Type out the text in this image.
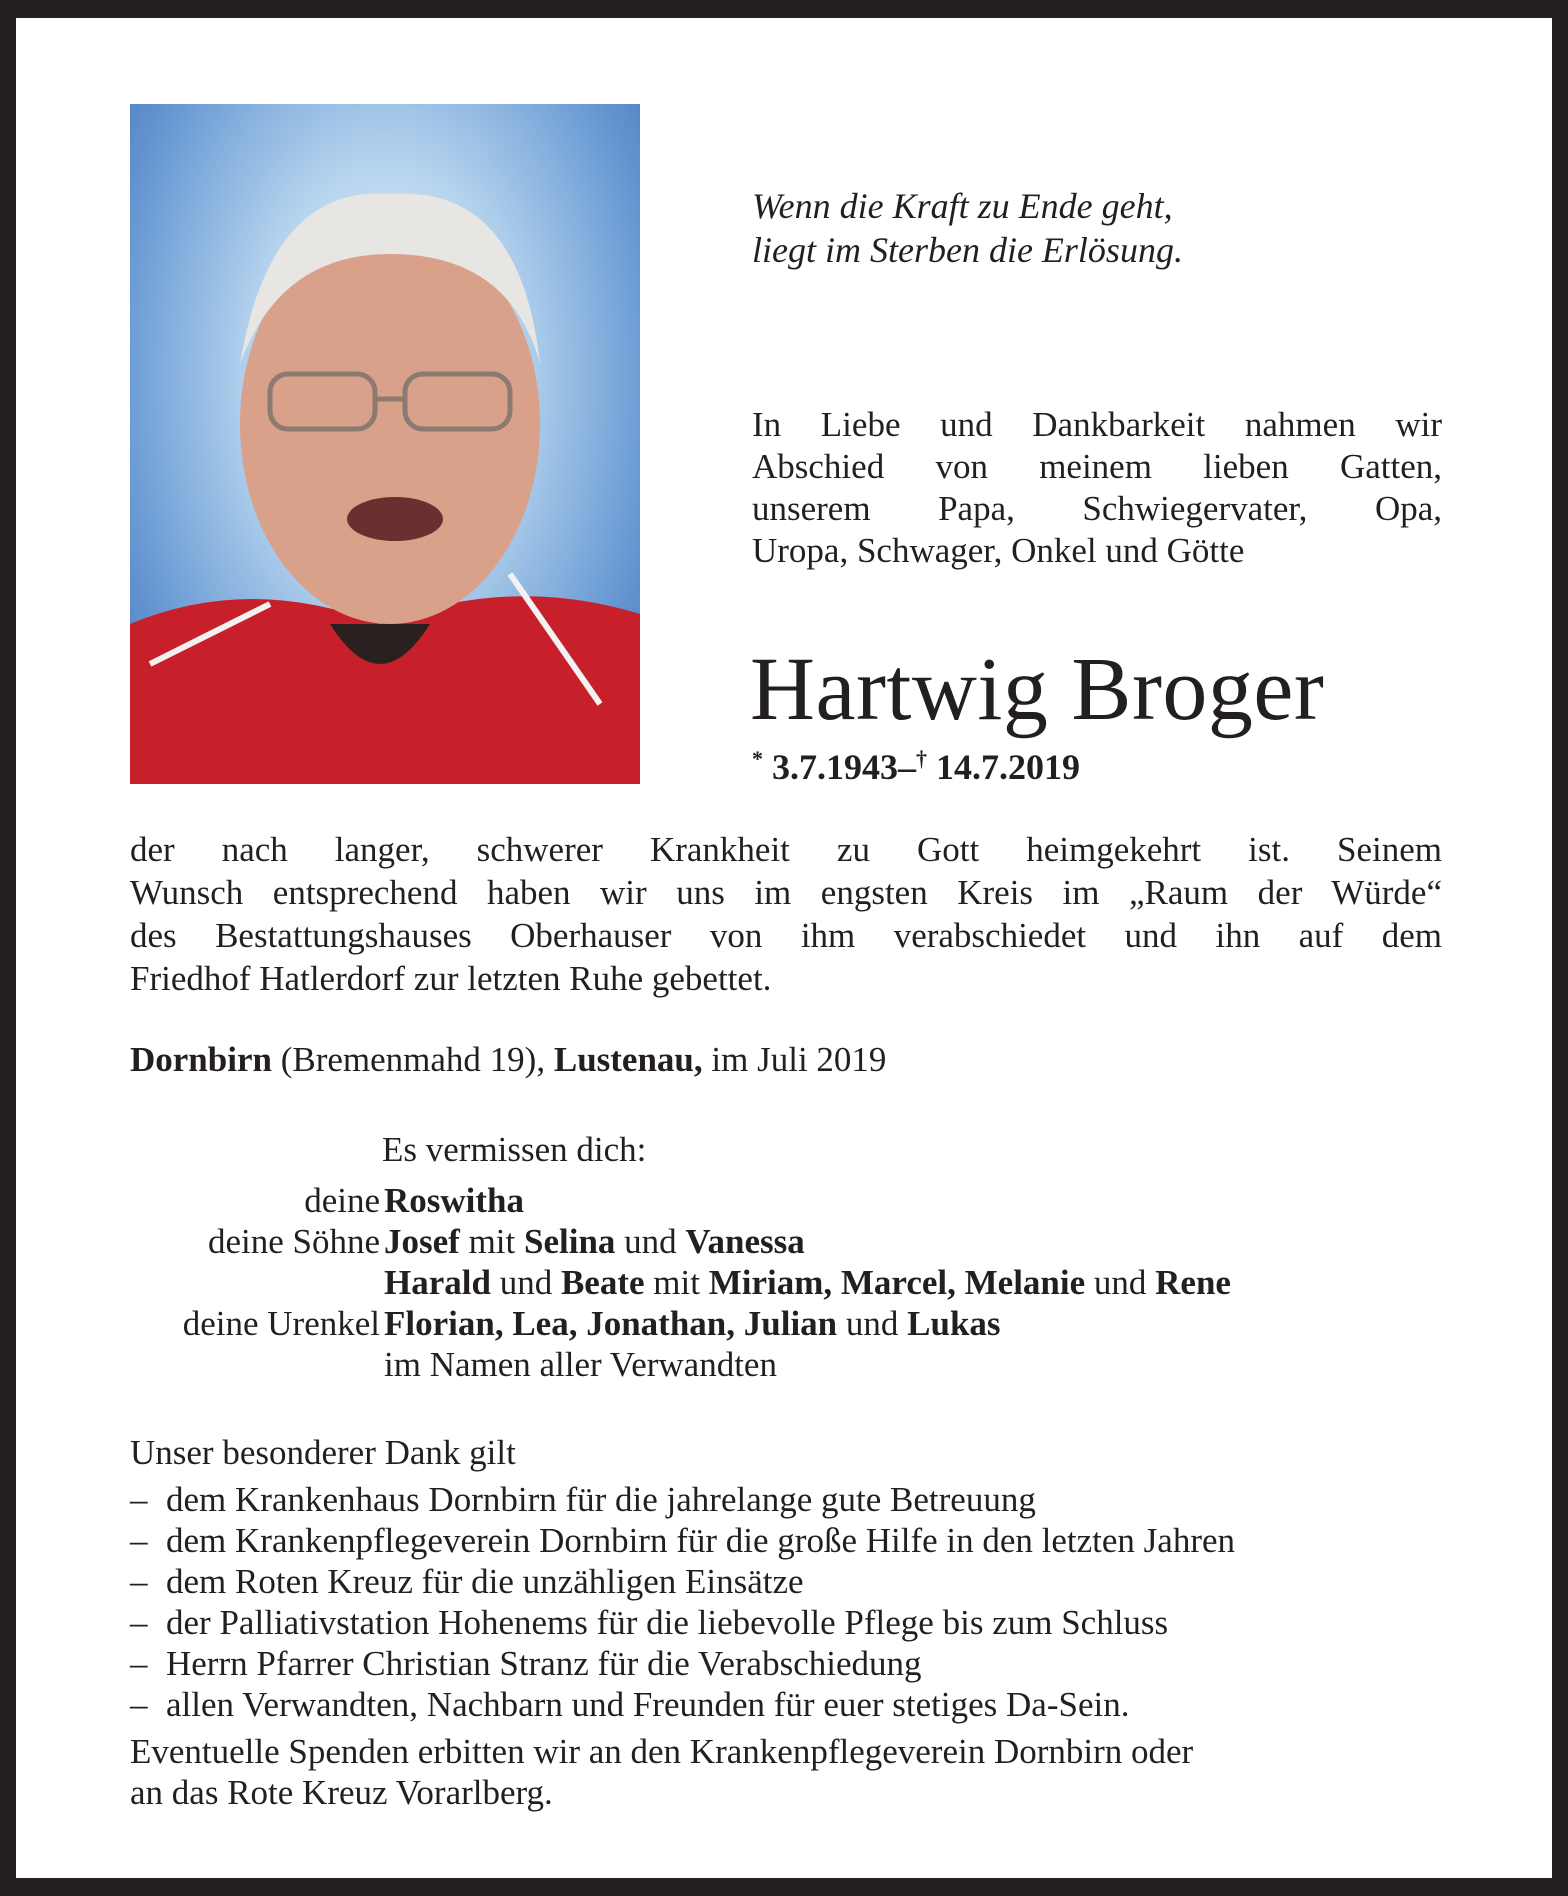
Wenn die Kraft zu Ende geht,
liegt im Sterben die Erlösung.
In Liebe und Dankbarkeit nahmen wir
Abschied von meinem lieben Gatten,
unserem Papa, Schwiegervater, Opa,
Uropa, Schwager, Onkel und Götte
Hartwig Broger
* 3.7.1943–† 14.7.2019
der nach langer, schwerer Krankheit zu Gott heimgekehrt ist. Seinem
Wunsch entsprechend haben wir uns im engsten Kreis im „Raum der Würde“
des Bestattungshauses Oberhauser von ihm verabschiedet und ihn auf dem
Friedhof Hatlerdorf zur letzten Ruhe gebettet.
Dornbirn (Bremenmahd 19), Lustenau, im Juli 2019
Es vermissen dich:
deine Roswitha
deine Söhne Josef mit Selina und Vanessa
Harald und Beate mit Miriam, Marcel, Melanie und Rene
deine Urenkel Florian, Lea, Jonathan, Julian und Lukas
im Namen aller Verwandten
Unser besonderer Dank gilt
– dem Krankenhaus Dornbirn für die jahrelange gute Betreuung
– dem Krankenpflegeverein Dornbirn für die große Hilfe in den letzten Jahren
– dem Roten Kreuz für die unzähligen Einsätze
– der Palliativstation Hohenems für die liebevolle Pflege bis zum Schluss
– Herrn Pfarrer Christian Stranz für die Verabschiedung
– allen Verwandten, Nachbarn und Freunden für euer stetiges Da-Sein.
Eventuelle Spenden erbitten wir an den Krankenpflegeverein Dornbirn oder
an das Rote Kreuz Vorarlberg.
